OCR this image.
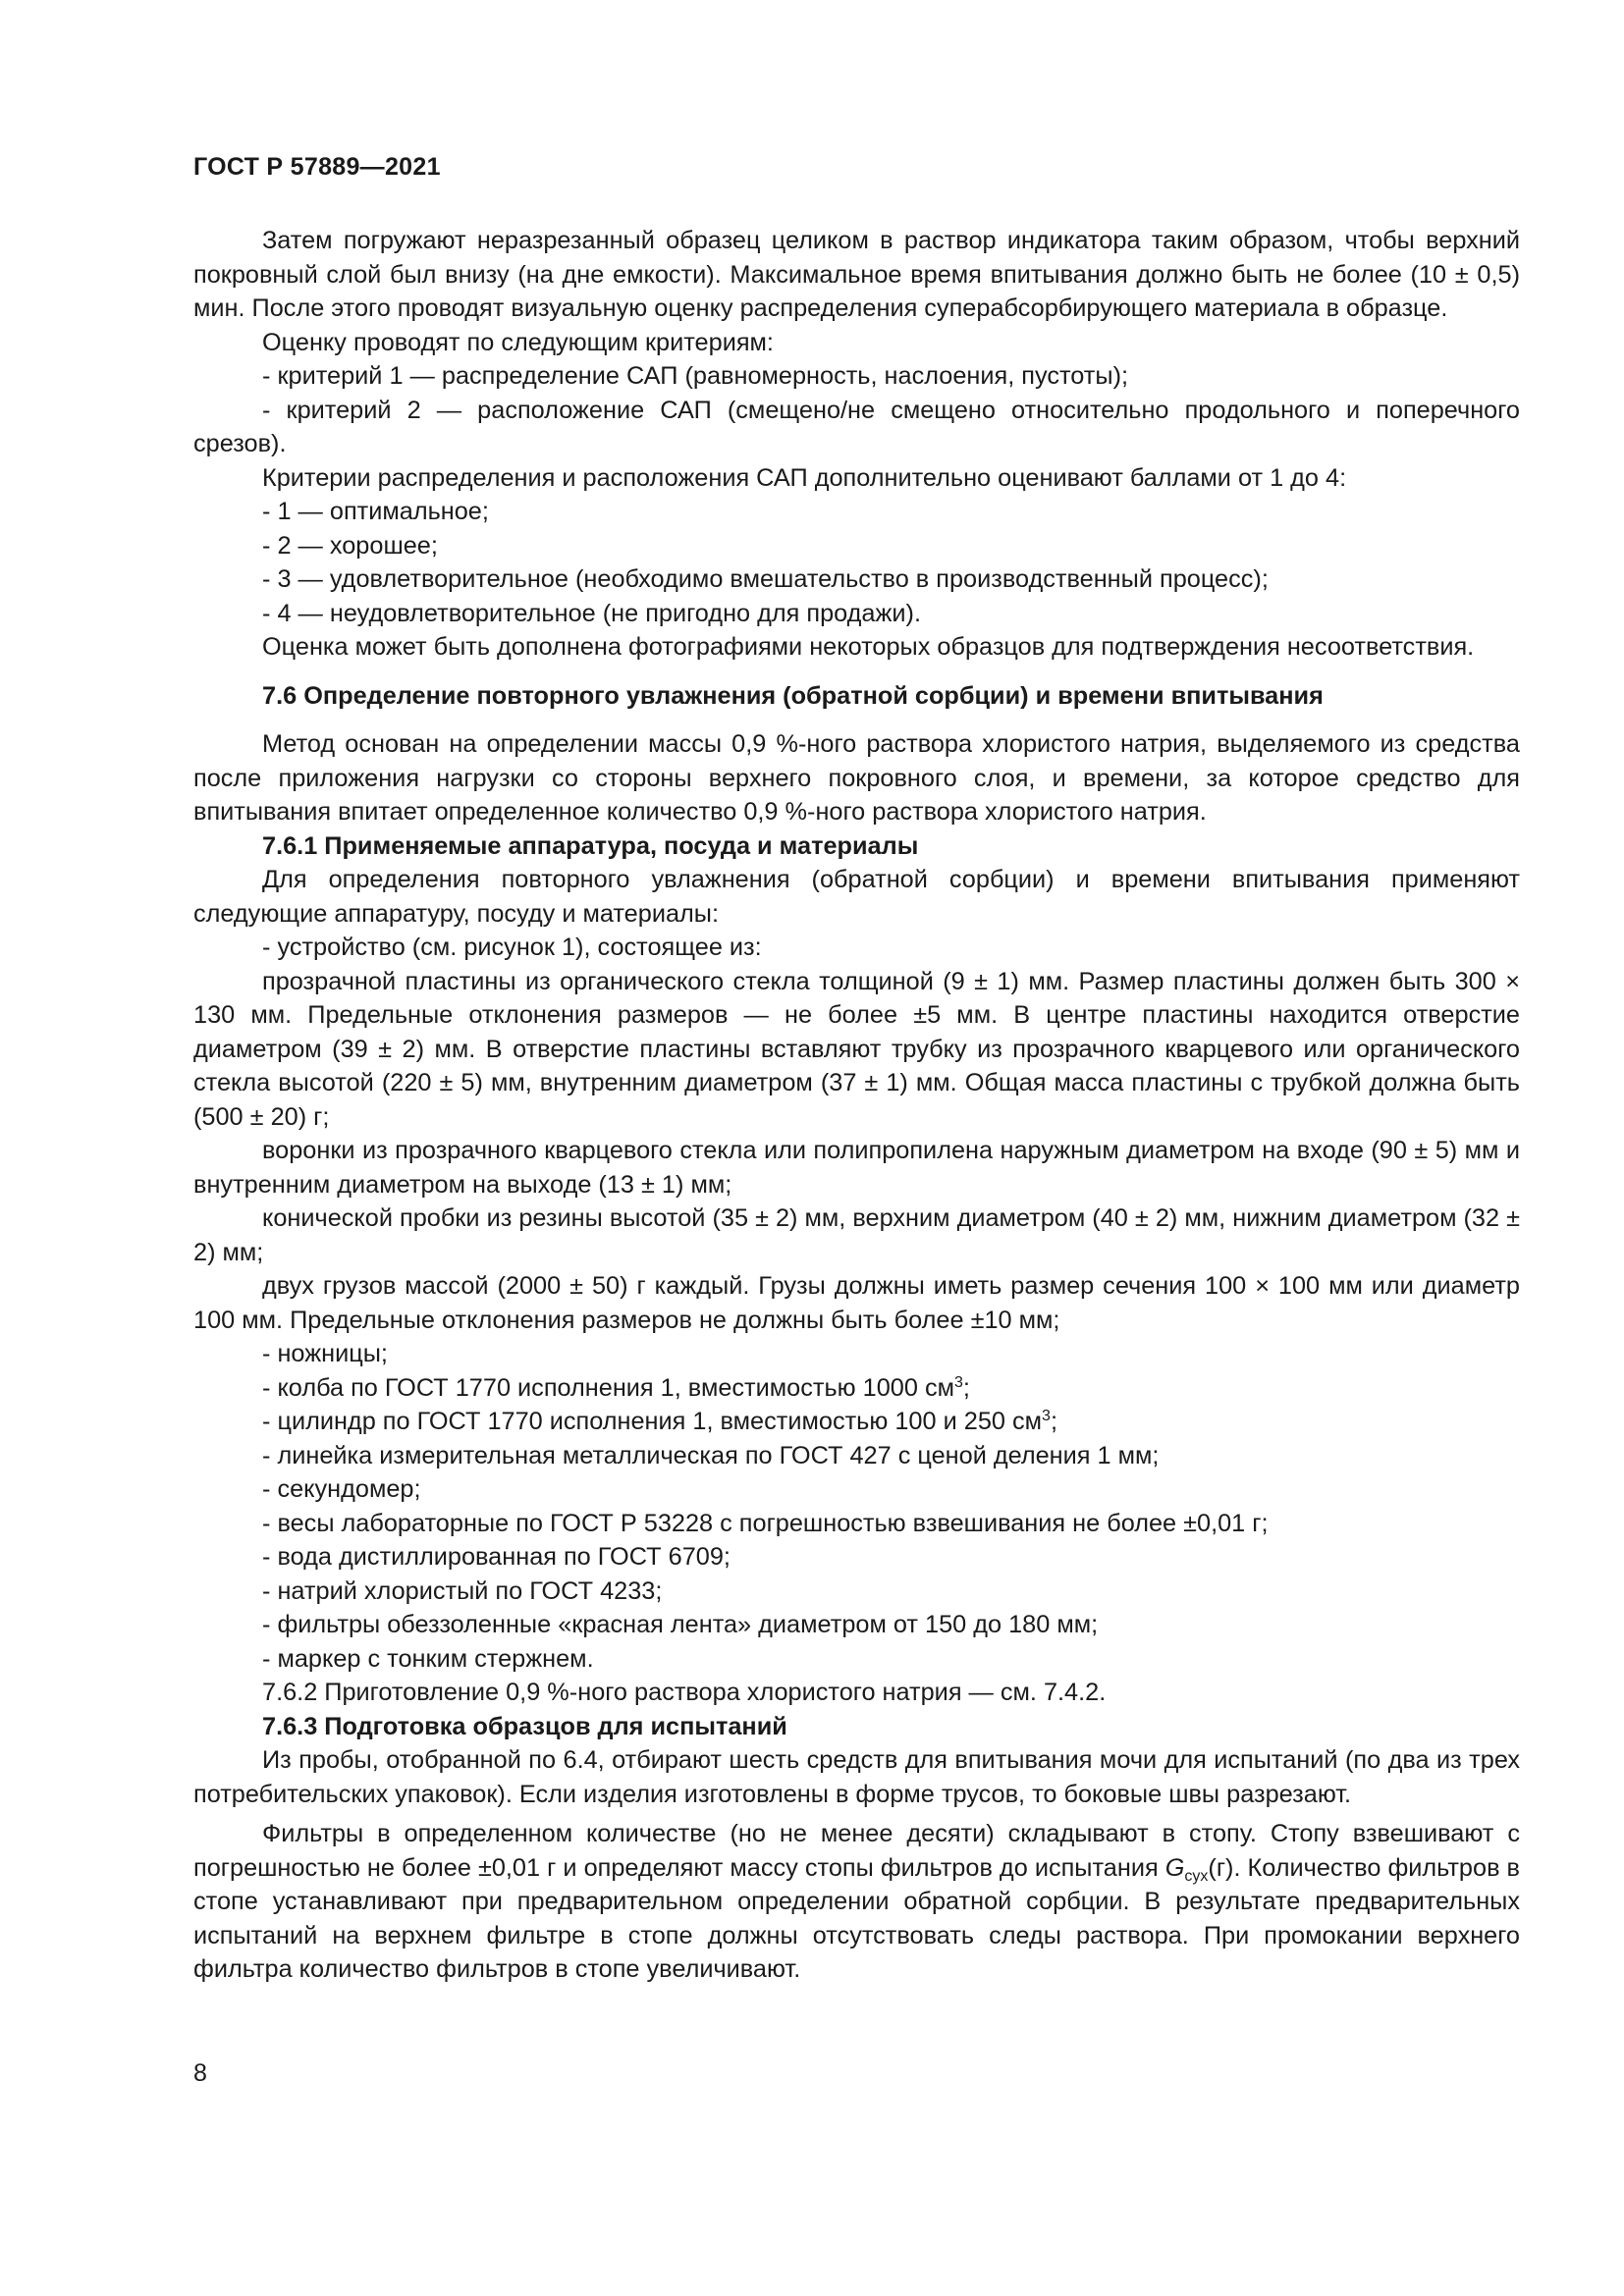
ГОСТ Р 57889—2021

Затем погружают неразрезанный образец целиком в раствор индикатора таким образом, чтобы верхний покровный слой был внизу (на дне емкости). Максимальное время впитывания должно быть не более (10 ± 0,5) мин. После этого проводят визуальную оценку распределения суперабсорбирующего материала в образце.

Оценку проводят по следующим критериям:

- критерий 1 — распределение САП (равномерность, наслоения, пустоты);

- критерий 2 — расположение САП (смещено/не смещено относительно продольного и поперечного срезов).

Критерии распределения и расположения САП дополнительно оценивают баллами от 1 до 4:

- 1 — оптимальное;

- 2 — хорошее;

- 3 — удовлетворительное (необходимо вмешательство в производственный процесс);

- 4 — неудовлетворительное (не пригодно для продажи).

Оценка может быть дополнена фотографиями некоторых образцов для подтверждения несоответствия.

7.6 Определение повторного увлажнения (обратной сорбции) и времени впитывания

Метод основан на определении массы 0,9 %-ного раствора хлористого натрия, выделяемого из средства после приложения нагрузки со стороны верхнего покровного слоя, и времени, за которое средство для впитывания впитает определенное количество 0,9 %-ного раствора хлористого натрия.

7.6.1 Применяемые аппаратура, посуда и материалы

Для определения повторного увлажнения (обратной сорбции) и времени впитывания применяют следующие аппаратуру, посуду и материалы:

- устройство (см. рисунок 1), состоящее из:

прозрачной пластины из органического стекла толщиной (9 ± 1) мм. Размер пластины должен быть 300 × 130 мм. Предельные отклонения размеров — не более ±5 мм. В центре пластины находится отверстие диаметром (39 ± 2) мм. В отверстие пластины вставляют трубку из прозрачного кварцевого или органического стекла высотой (220 ± 5) мм, внутренним диаметром (37 ± 1) мм. Общая масса пластины с трубкой должна быть (500 ± 20) г;

воронки из прозрачного кварцевого стекла или полипропилена наружным диаметром на входе (90 ± 5) мм и внутренним диаметром на выходе (13 ± 1) мм;

конической пробки из резины высотой (35 ± 2) мм, верхним диаметром (40 ± 2) мм, нижним диаметром (32 ± 2) мм;

двух грузов массой (2000 ± 50) г каждый. Грузы должны иметь размер сечения 100 × 100 мм или диаметр 100 мм. Предельные отклонения размеров не должны быть более ±10 мм;

- ножницы;

- колба по ГОСТ 1770 исполнения 1, вместимостью 1000 $см^3$;

- цилиндр по ГОСТ 1770 исполнения 1, вместимостью 100 и 250 $см^3$;

- линейка измерительная металлическая по ГОСТ 427 с ценой деления 1 мм;

- секундомер;

- весы лабораторные по ГОСТ Р 53228 с погрешностью взвешивания не более ±0,01 г;

- вода дистиллированная по ГОСТ 6709;

- натрий хлористый по ГОСТ 4233;

- фильтры обеззоленные «красная лента» диаметром от 150 до 180 мм;

- маркер с тонким стержнем.

7.6.2 Приготовление 0,9 %-ного раствора хлористого натрия — см. 7.4.2.

7.6.3 Подготовка образцов для испытаний

Из пробы, отобранной по 6.4, отбирают шесть средств для впитывания мочи для испытаний (по два из трех потребительских упаковок). Если изделия изготовлены в форме трусов, то боковые швы разрезают.

Фильтры в определенном количестве (но не менее десяти) складывают в стопу. Стопу взвешивают с погрешностью не более ±0,01 г и определяют массу стопы фильтров до испытания $G_{сух}(г)$. Количество фильтров в стопе устанавливают при предварительном определении обратной сорбции. В результате предварительных испытаний на верхнем фильтре в стопе должны отсутствовать следы раствора. При промокании верхнего фильтра количество фильтров в стопе увеличивают.

8
